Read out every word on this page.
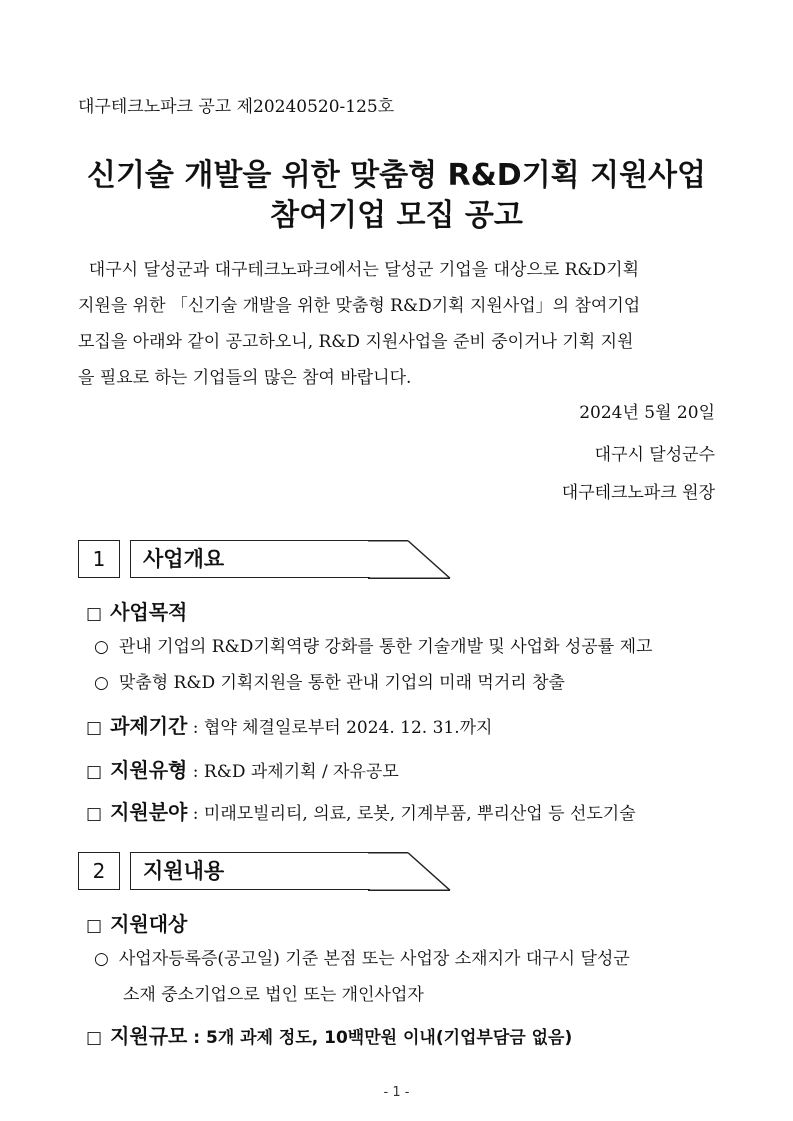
대구테크노파크 공고 제20240520-125호
신기술 개발을 위한 맞춤형 R&D기획 지원사업
참여기업 모집 공고

대구시 달성군과 대구테크노파크에서는 달성군 기업을 대상으로 R&D기획

지원을 위한 「신기술 개발을 위한 맞춤형 R&D기획 지원사업」의 참여기업

모집을 아래와 같이 공고하오니, R&D 지원사업을 준비 중이거나 기획 지원

을 필요로 하는 기업들의 많은 참여 바랍니다.

2024년 5월 20일
대구시 달성군수
대구테크노파크 원장
1	사업개요
□ 사업목적
○ 관내 기업의 R&D기획역량 강화를 통한 기술개발 및 사업화 성공률 제고
○ 맞춤형 R&D 기획지원을 통한 관내 기업의 미래 먹거리 창출
□ 과제기간 : 협약 체결일로부터 2024. 12. 31.까지
□ 지원유형 : R&D 과제기획 / 자유공모
□ 지원분야 : 미래모빌리티, 의료, 로봇, 기계부품, 뿌리산업 등 선도기술
2	지원내용
□ 지원대상
○ 사업자등록증(공고일) 기준 본점 또는 사업장 소재지가 대구시 달성군
소재 중소기업으로 법인 또는 개인사업자
□ 지원규모 : 5개 과제 정도, 10백만원 이내(기업부담금 없음)
- 1 -
